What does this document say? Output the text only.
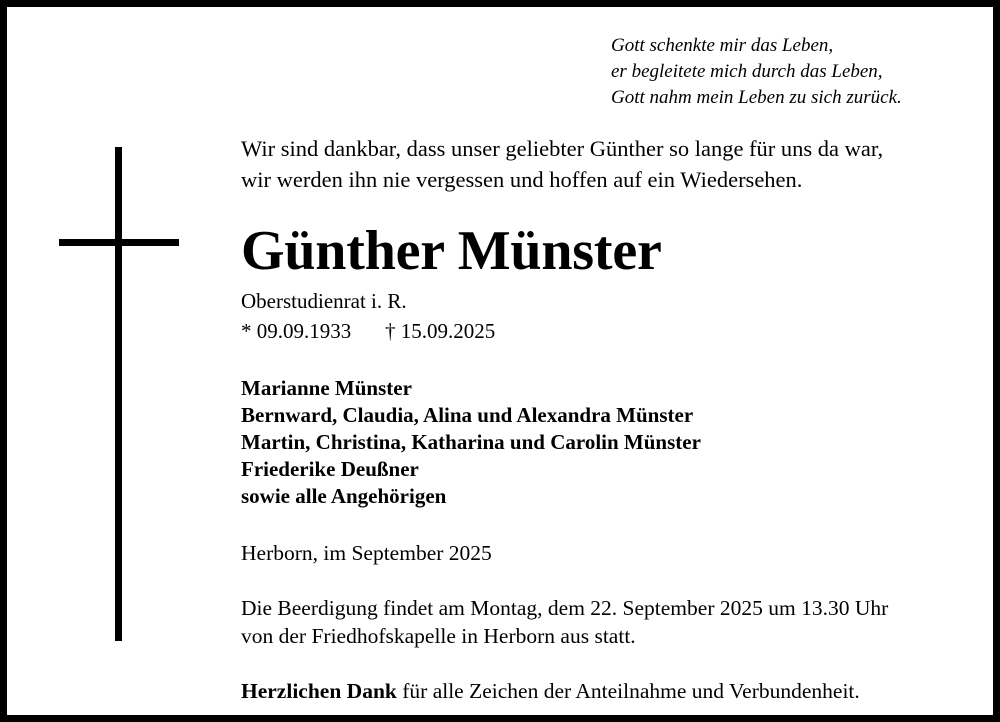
Gott schenkte mir das Leben,
er begleitete mich durch das Leben,
Gott nahm mein Leben zu sich zurück.
Wir sind dankbar, dass unser geliebter Günther so lange für uns da war,
wir werden ihn nie vergessen und hoffen auf ein Wiedersehen.
Günther Münster
Oberstudienrat i. R.
* 09.09.1933 † 15.09.2025
Marianne Münster
Bernward, Claudia, Alina und Alexandra Münster
Martin, Christina, Katharina und Carolin Münster
Friederike Deußner
sowie alle Angehörigen
Herborn, im September 2025
Die Beerdigung findet am Montag, dem 22. September 2025 um 13.30 Uhr
von der Friedhofskapelle in Herborn aus statt.
Herzlichen Dank für alle Zeichen der Anteilnahme und Verbundenheit.
